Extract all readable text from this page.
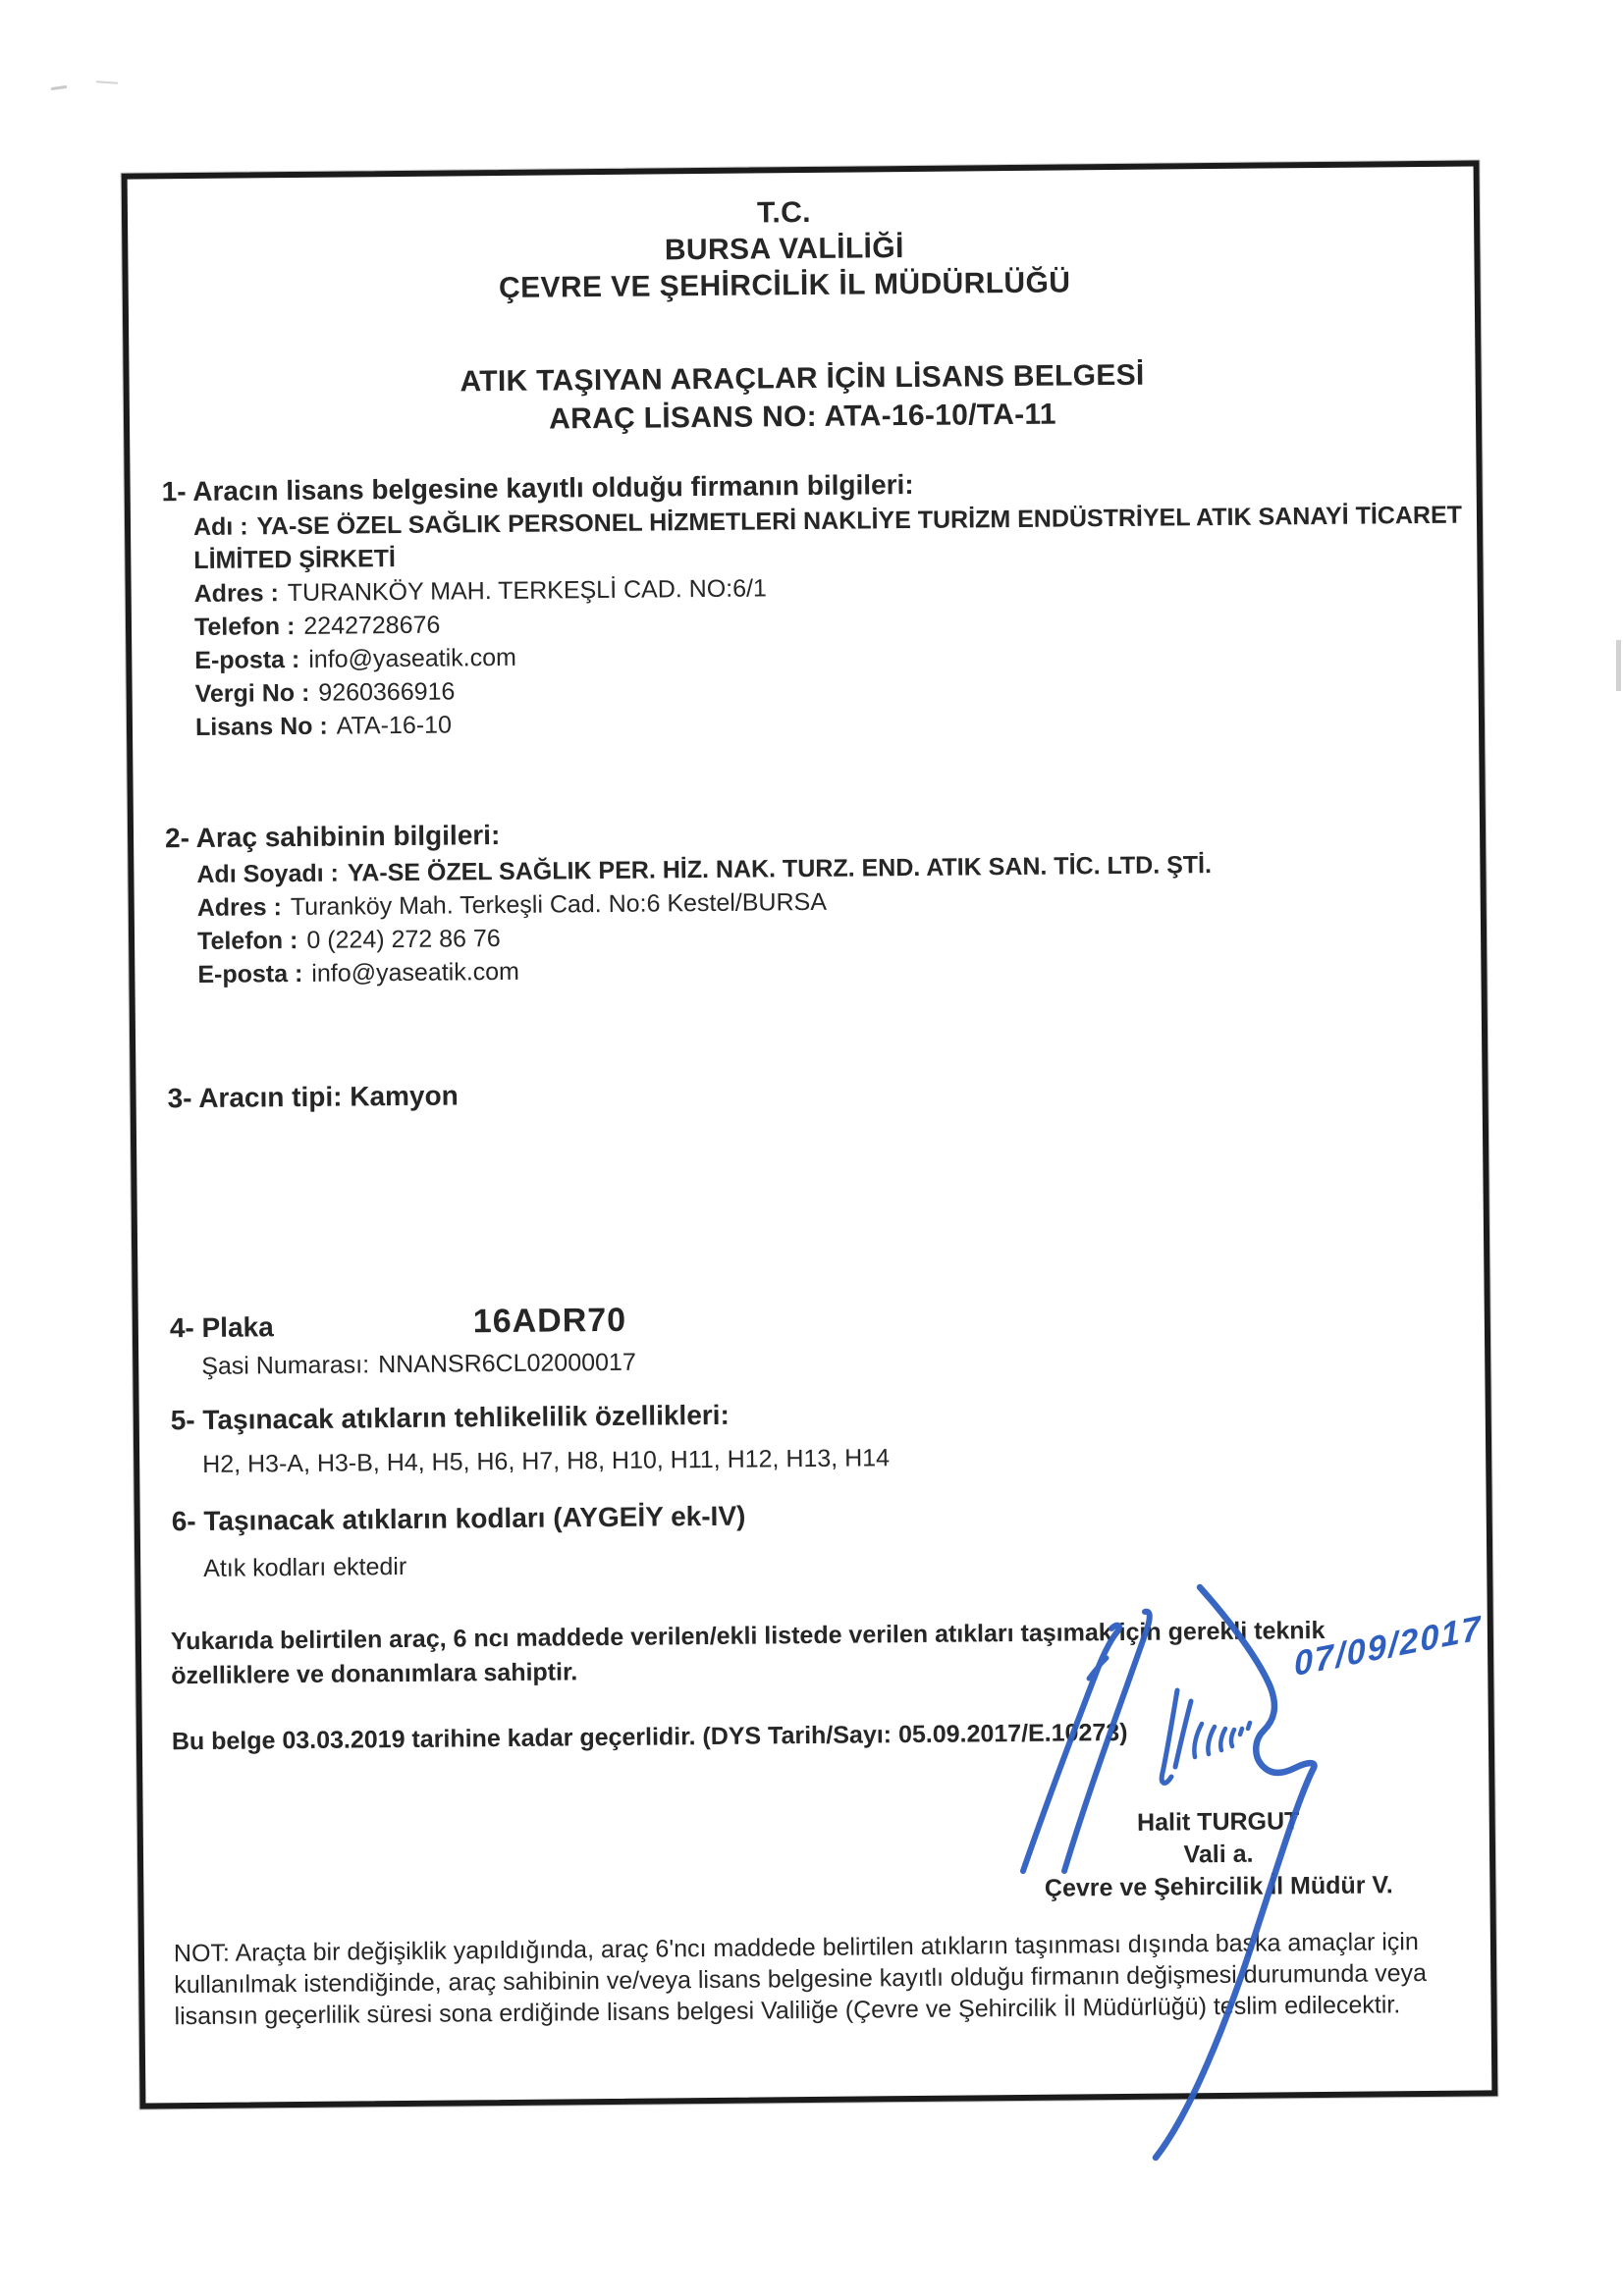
T.C.
BURSA VALİLİĞİ
ÇEVRE VE ŞEHİRCİLİK İL MÜDÜRLÜĞÜ
ATIK TAŞIYAN ARAÇLAR İÇİN LİSANS BELGESİ
ARAÇ LİSANS NO: ATA-16-10/TA-11
1- Aracın lisans belgesine kayıtlı olduğu firmanın bilgileri:
Adı : YA-SE ÖZEL SAĞLIK PERSONEL HİZMETLERİ NAKLİYE TURİZM ENDÜSTRİYEL ATIK SANAYİ TİCARET LİMİTED ŞİRKETİ
Adres : TURANKÖY MAH. TERKEŞLİ CAD. NO:6/1
Telefon : 2242728676
E-posta : info@yaseatik.com
Vergi No : 9260366916
Lisans No : ATA-16-10
2- Araç sahibinin bilgileri:
Adı Soyadı : YA-SE ÖZEL SAĞLIK PER. HİZ. NAK. TURZ. END. ATIK SAN. TİC. LTD. ŞTİ.
Adres : Turanköy Mah. Terkeşli Cad. No:6 Kestel/BURSA
Telefon : 0 (224) 272 86 76
E-posta : info@yaseatik.com
3- Aracın tipi: Kamyon
4- Plaka	16ADR70
Şasi Numarası: NNANSR6CL02000017
5- Taşınacak atıkların tehlikelilik özellikleri:
H2, H3-A, H3-B, H4, H5, H6, H7, H8, H10, H11, H12, H13, H14
6- Taşınacak atıkların kodları (AYGEİY ek-IV)
Atık kodları ektedir
Yukarıda belirtilen araç, 6 ncı maddede verilen/ekli listede verilen atıkları taşımak için gerekli teknik özelliklere ve donanımlara sahiptir.
Bu belge 03.03.2019 tarihine kadar geçerlidir. (DYS Tarih/Sayı: 05.09.2017/E.10273)
Halit TURGUT
Vali a.
Çevre ve Şehircilik İl Müdür V.
NOT: Araçta bir değişiklik yapıldığında, araç 6'ncı maddede belirtilen atıkların taşınması dışında başka amaçlar için kullanılmak istendiğinde, araç sahibinin ve/veya lisans belgesine kayıtlı olduğu firmanın değişmesi durumunda veya lisansın geçerlilik süresi sona erdiğinde lisans belgesi Valiliğe (Çevre ve Şehircilik İl Müdürlüğü) teslim edilecektir.
07/09/2017
